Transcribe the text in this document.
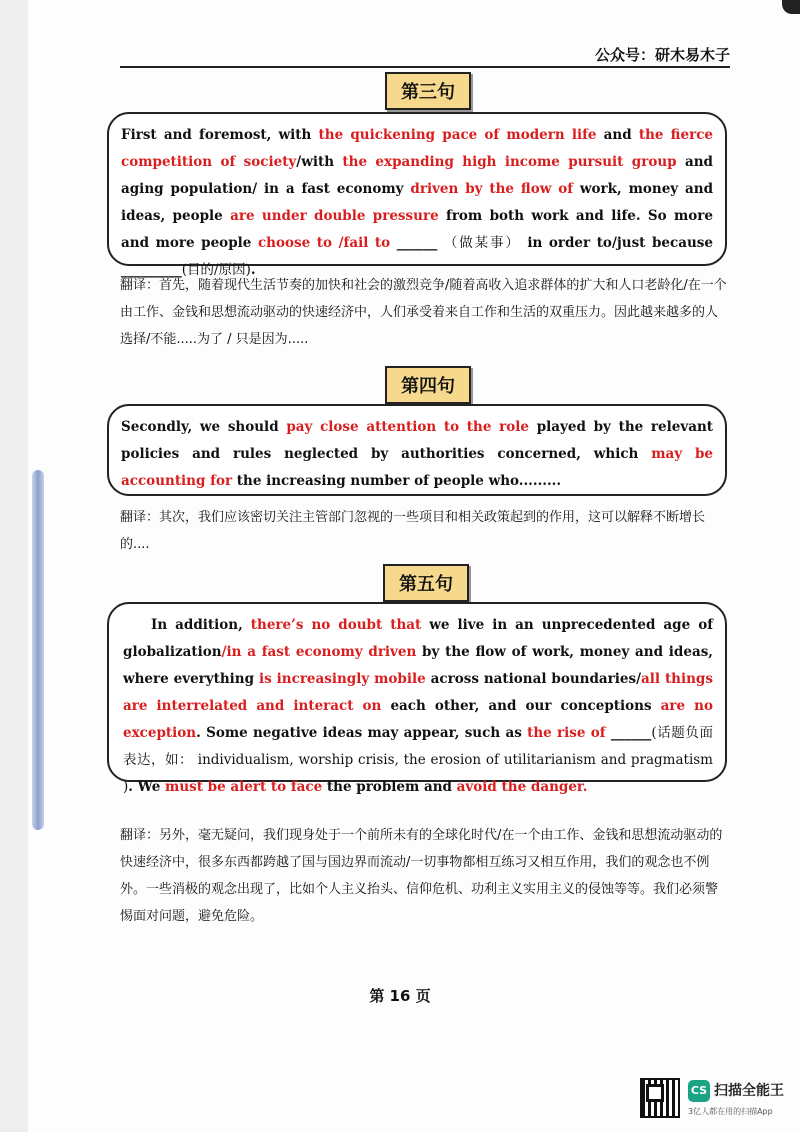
公众号：研木易木子
第三句
First and foremost, with the quickening pace of modern life and the fierce competition of society/with the expanding high income pursuit group and aging population/ in a fast economy driven by the flow of work, money and ideas, people are under double pressure from both work and life. So more and more people choose to /fail to ______ （做某事） in order to/just because _________(目的/原因).
翻译：首先，随着现代生活节奏的加快和社会的激烈竞争/随着高收入追求群体的扩大和人口老龄化/在一个由工作、金钱和思想流动驱动的快速经济中，人们承受着来自工作和生活的双重压力。因此越来越多的人选择/不能.....为了 / 只是因为.....
第四句
Secondly, we should pay close attention to the role played by the relevant policies and rules neglected by authorities concerned, which may be accounting for the increasing number of people who.........
翻译：其次，我们应该密切关注主管部门忽视的一些项目和相关政策起到的作用，这可以解释不断增长的....
第五句
In addition, there’s no doubt that we live in an unprecedented age of globalization/in a fast economy driven by the flow of work, money and ideas, where everything is increasingly mobile across national boundaries/all things are interrelated and interact on each other, and our conceptions are no exception. Some negative ideas may appear, such as the rise of ______(话题负面表达，如： individualism, worship crisis, the erosion of utilitarianism and pragmatism ). We must be alert to face the problem and avoid the danger.
翻译：另外，毫无疑问，我们现身处于一个前所未有的全球化时代/在一个由工作、金钱和思想流动驱动的快速经济中，很多东西都跨越了国与国边界而流动/一切事物都相互练习又相互作用，我们的观念也不例外。一些消极的观念出现了，比如个人主义抬头、信仰危机、功利主义实用主义的侵蚀等等。我们必须警惕面对问题，避免危险。
第 16 页
CS 扫描全能王
3亿人都在用的扫描App
